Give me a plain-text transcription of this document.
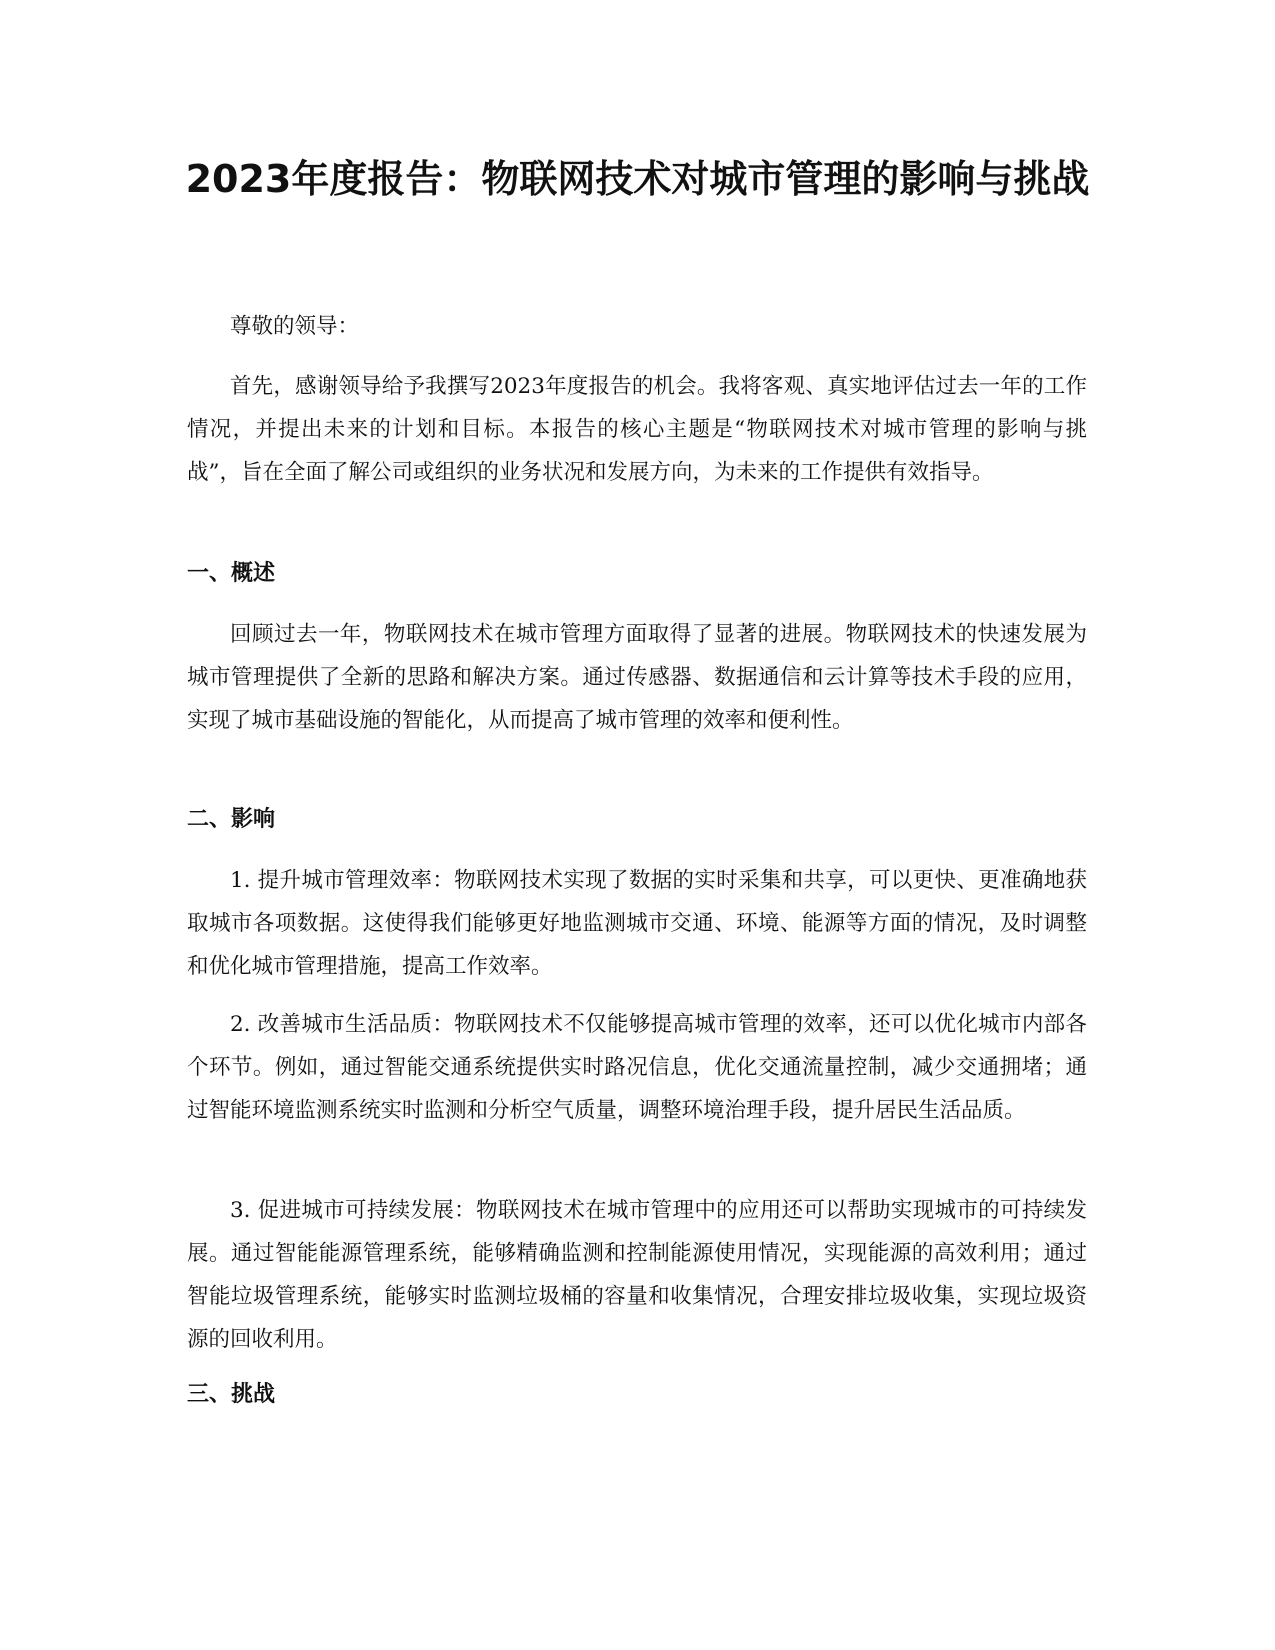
2023年度报告：物联网技术对城市管理的影响与挑战

尊敬的领导：

首先，感谢领导给予我撰写2023年度报告的机会。我将客观、真实地评估过去一年的工作情况，并提出未来的计划和目标。本报告的核心主题是“物联网技术对城市管理的影响与挑战”，旨在全面了解公司或组织的业务状况和发展方向，为未来的工作提供有效指导。

一、概述

回顾过去一年，物联网技术在城市管理方面取得了显著的进展。物联网技术的快速发展为城市管理提供了全新的思路和解决方案。通过传感器、数据通信和云计算等技术手段的应用，实现了城市基础设施的智能化，从而提高了城市管理的效率和便利性。

二、影响

1. 提升城市管理效率：物联网技术实现了数据的实时采集和共享，可以更快、更准确地获取城市各项数据。这使得我们能够更好地监测城市交通、环境、能源等方面的情况，及时调整和优化城市管理措施，提高工作效率。

2. 改善城市生活品质：物联网技术不仅能够提高城市管理的效率，还可以优化城市内部各个环节。例如，通过智能交通系统提供实时路况信息，优化交通流量控制，减少交通拥堵；通过智能环境监测系统实时监测和分析空气质量，调整环境治理手段，提升居民生活品质。

3. 促进城市可持续发展：物联网技术在城市管理中的应用还可以帮助实现城市的可持续发展。通过智能能源管理系统，能够精确监测和控制能源使用情况，实现能源的高效利用；通过智能垃圾管理系统，能够实时监测垃圾桶的容量和收集情况，合理安排垃圾收集，实现垃圾资源的回收利用。

三、挑战
